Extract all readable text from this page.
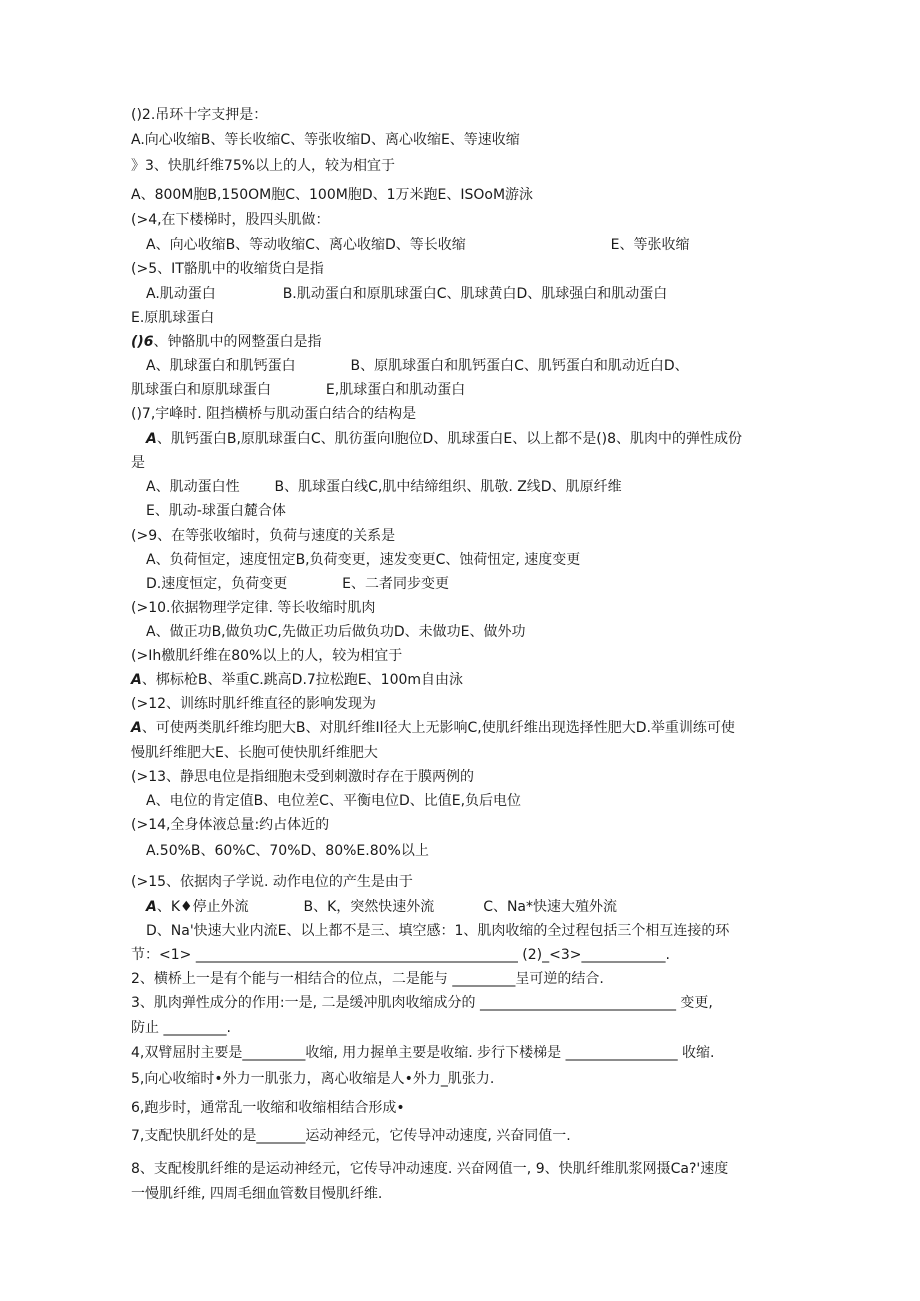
()2.吊环十字支押是：
A.向心收缩B、等长收缩C、等张收缩D、离心收缩E、等速收缩
》3、快肌纤维75%以上的人，较为相宜于
A、800M胞B,150OM胞C、100M胞D、1万米跑E、ISOoM游泳
(>4,在下楼梯时，股四头肌做：
A、向心收缩B、等动收缩C、离心收缩D、等长收缩	E、等张收缩
(>5、IT骼肌中的收缩货白是指
A.肌动蛋白	B.肌动蛋白和原肌球蛋白C、肌球黄白D、肌球强白和肌动蛋白
E.原肌球蛋白
()6、钟骼肌中的网整蛋白是指
A、肌球蛋白和肌钙蛋白	B、原肌球蛋白和肌钙蛋白C、肌钙蛋白和肌动近白D、
肌球蛋白和原肌球蛋白	E,肌球蛋白和肌动蛋白
()7,宇峰时. 阻挡横桥与肌动蛋白结合的结构是
A、肌钙蛋白B,原肌球蛋白C、肌彷蛋向l胞位D、肌球蛋白E、以上都不是()8、肌肉中的弹性成份
是
A、肌动蛋白性 B、肌球蛋白线C,肌中结缔组织、肌敬. Z线D、肌原纤维
E、肌动-球蛋白麓合体
(>9、在等张收缩时，负荷与速度的关系是
A、负荷恒定，速度忸定B,负荷变更，速发变更C、蚀荷忸定, 速度变更
D.速度恒定，负荷变更	E、二者同步变更
(>10.依据物理学定律. 等长收缩时肌肉
A、做正功B,做负功C,先做正功后做负功D、未做功E、做外功
(>Ih檄肌纤维在80%以上的人，较为相宜于
A、梆标枪B、举重C.跳高D.7拉松跑E、100m自由泳
(>12、训练时肌纤维直径的影响发现为
A、可使两类肌纤维均肥大B、对肌纤维Il径大上无影响C,使肌纤维出现选择性肥大D.举重训练可使
慢肌纤维肥大E、长胞可使快肌纤维肥大
(>13、静思电位是指细胞未受到刺激时存在于膜两例的
A、电位的肯定值B、电位差C、平衡电位D、比值E,负后电位
(>14,全身体液总量:约占体近的
A.50%B、60%C、70%D、80%E.80%以上
(>15、依据肉子学说. 动作电位的产生是由于
A、K♦停止外流	B、K，突然快速外流	C、Na*快速大殖外流
D、Na'快速大业内流E、以上都不是三、填空感：1、肌肉收缩的全过程包括三个相互连接的环
节：<1> ______________________________________________ (2)_<3>____________.
2、横桥上一是有个能与一相结合的位点，二是能与 _________呈可逆的结合.
3、肌肉弹性成分的作用:一是, 二是缓冲肌肉收缩成分的 ____________________________ 变更,
防止 _________.
4,双臂屈肘主要是_________收缩, 用力握单主要是收缩. 步行下楼梯是 ________________ 收缩.
5,向心收缩时•外力一肌张力，离心收缩是人•外力_肌张力.
6,跑步时，通常乱一收缩和收缩相结合形成•
7,支配快肌纤处的是_______运动神经元，它传导冲动速度, 兴奋同值一.
8、支配梭肌纤维的是运动神经元，它传导冲动速度. 兴奋网值一, 9、快肌纤维肌浆网摄Ca?'速度
一慢肌纤维, 四周毛细血管数目慢肌纤维.
